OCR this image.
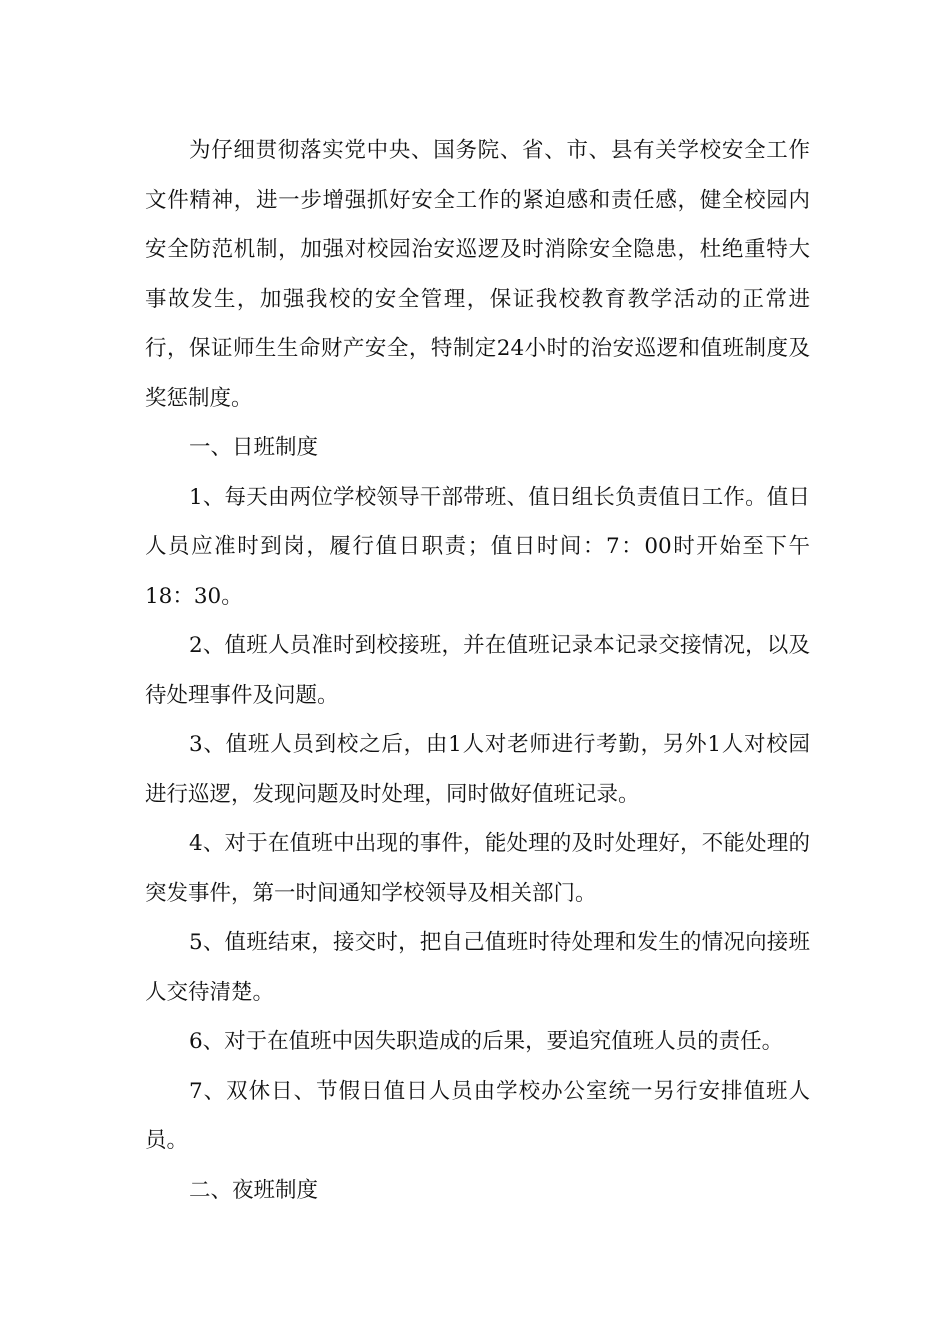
为仔细贯彻落实党中央、国务院、省、市、县有关学校安全工作文件精神，进一步增强抓好安全工作的紧迫感和责任感，健全校园内安全防范机制，加强对校园治安巡逻及时消除安全隐患，杜绝重特大事故发生，加强我校的安全管理，保证我校教育教学活动的正常进行，保证师生生命财产安全，特制定24小时的治安巡逻和值班制度及奖惩制度。

一、日班制度

1、每天由两位学校领导干部带班、值日组长负责值日工作。值日人员应准时到岗，履行值日职责；值日时间：7：00时开始至下午18：30。

2、值班人员准时到校接班，并在值班记录本记录交接情况，以及待处理事件及问题。

3、值班人员到校之后，由1人对老师进行考勤，另外1人对校园进行巡逻，发现问题及时处理，同时做好值班记录。

4、对于在值班中出现的事件，能处理的及时处理好，不能处理的突发事件，第一时间通知学校领导及相关部门。

5、值班结束，接交时，把自己值班时待处理和发生的情况向接班人交待清楚。

6、对于在值班中因失职造成的后果，要追究值班人员的责任。

7、双休日、节假日值日人员由学校办公室统一另行安排值班人员。

二、夜班制度
